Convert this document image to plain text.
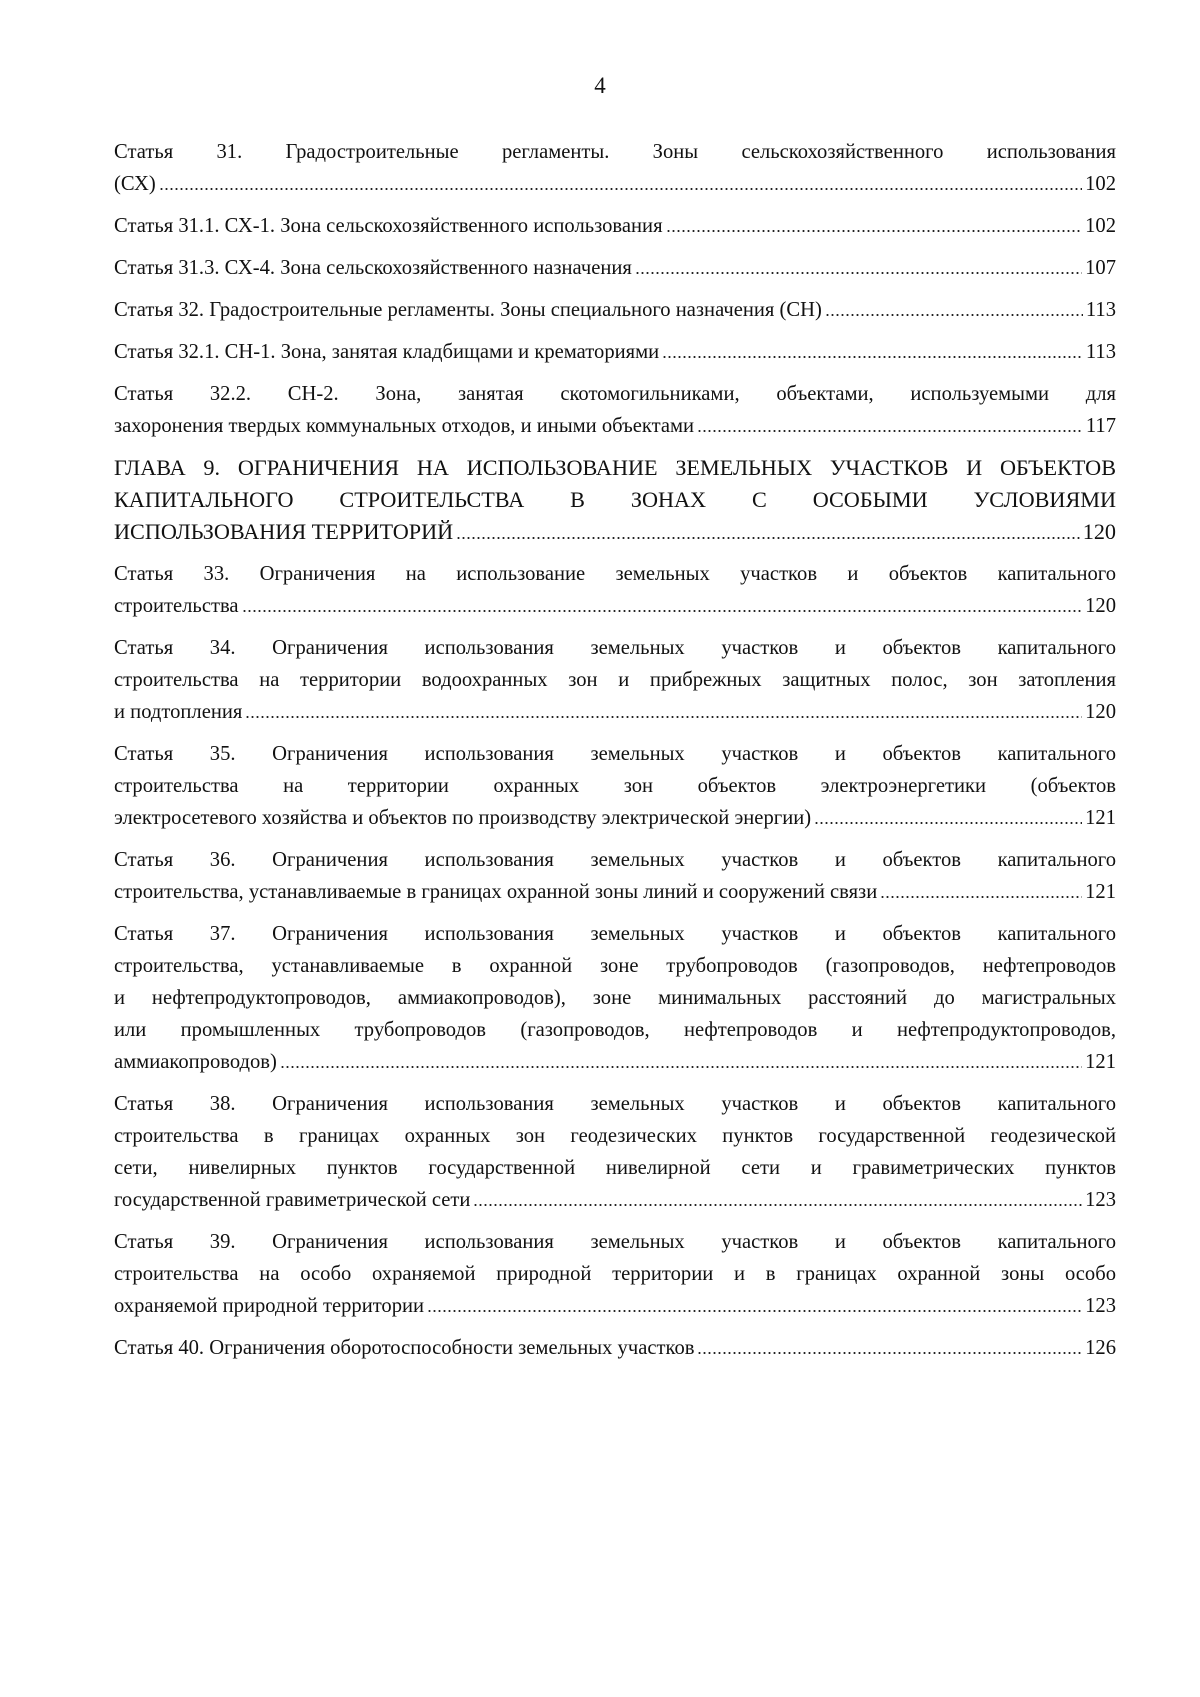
4
Статья 31. Градостроительные регламенты. Зоны сельскохозяйственного использования
(СХ)	102
Статья 31.1. СХ-1. Зона сельскохозяйственного использования	102
Статья 31.3. СХ-4. Зона сельскохозяйственного назначения	107
Статья 32. Градостроительные регламенты. Зоны специального назначения (СН)	113
Статья 32.1. СН-1. Зона, занятая кладбищами и крематориями	113
Статья 32.2. СН-2. Зона, занятая скотомогильниками, объектами, используемыми для
захоронения твердых коммунальных отходов, и иными объектами	117
ГЛАВА 9. ОГРАНИЧЕНИЯ НА ИСПОЛЬЗОВАНИЕ ЗЕМЕЛЬНЫХ УЧАСТКОВ И ОБЪЕКТОВ
КАПИТАЛЬНОГО СТРОИТЕЛЬСТВА В ЗОНАХ С ОСОБЫМИ УСЛОВИЯМИ
ИСПОЛЬЗОВАНИЯ ТЕРРИТОРИЙ	120
Статья 33. Ограничения на использование земельных участков и объектов капитального
строительства	120
Статья 34. Ограничения использования земельных участков и объектов капитального
строительства на территории водоохранных зон и прибрежных защитных полос, зон затопления
и подтопления	120
Статья 35. Ограничения использования земельных участков и объектов капитального
строительства на территории охранных зон объектов электроэнергетики (объектов
электросетевого хозяйства и объектов по производству электрической энергии)	121
Статья 36. Ограничения использования земельных участков и объектов капитального
строительства, устанавливаемые в границах охранной зоны линий и сооружений связи	121
Статья 37. Ограничения использования земельных участков и объектов капитального
строительства, устанавливаемые в охранной зоне трубопроводов (газопроводов, нефтепроводов
и нефтепродуктопроводов, аммиакопроводов), зоне минимальных расстояний до магистральных
или промышленных трубопроводов (газопроводов, нефтепроводов и нефтепродуктопроводов,
аммиакопроводов)	121
Статья 38. Ограничения использования земельных участков и объектов капитального
строительства в границах охранных зон геодезических пунктов государственной геодезической
сети, нивелирных пунктов государственной нивелирной сети и гравиметрических пунктов
государственной гравиметрической сети	123
Статья 39. Ограничения использования земельных участков и объектов капитального
строительства на особо охраняемой природной территории и в границах охранной зоны особо
охраняемой природной территории	123
Статья 40. Ограничения оборотоспособности земельных участков	126
